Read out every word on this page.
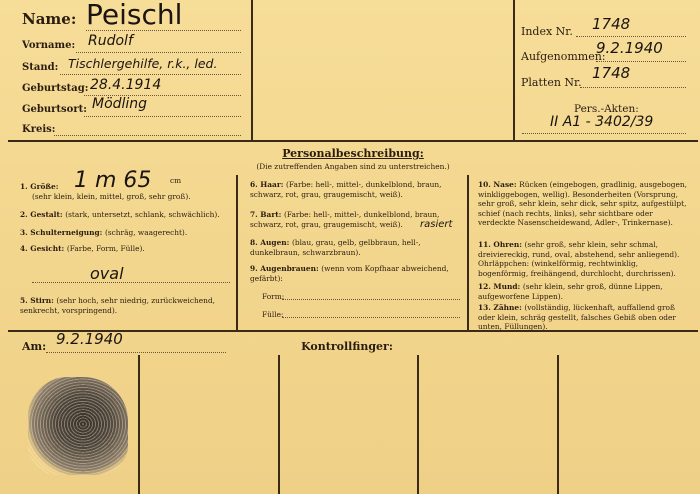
Name: Peischl
Vorname: Rudolf
Stand: Tischlergehilfe, r.k., led.
Geburtstag: 28.4.1914
Geburtsort: Mödling
Kreis:
Index Nr. 1748
Aufgenommen:
9.2.1940
Platten Nr.
1748
Pers.-Akten:
II A1 - 3402/39
Personalbeschreibung:
(Die zutreffenden Angaben sind zu unterstreichen.)
1. Größe: 1 m 65	cm
(sehr klein, klein, mittel, groß, sehr groß).
2. Gestalt: (stark, untersetzt, schlank, schwächlich).
3. Schulterneigung: (schräg, waagerecht).
4. Gesicht: (Farbe, Form, Fülle).
oval
5. Stirn: (sehr hoch, sehr niedrig, zurückweichend, senkrecht, vorspringend).
6. Haar: (Farbe: hell-, mittel-, dunkelblond, braun, schwarz, rot, grau, graugemischt, weiß).
7. Bart: (Farbe: hell-, mittel-, dunkelblond, braun, schwarz, rot, grau, graugemischt, weiß).	rasiert
8. Augen: (blau, grau, gelb, gelbbraun, hell-, dunkelbraun, schwarzbraun).
9. Augenbrauen: (wenn vom Kopfhaar abweichend, gefärbt):
Form:
Fülle:
10. Nase: Rücken (eingebogen, gradlinig, ausgebogen, winkliggebogen, wellig). Besonderheiten (Vorsprung, sehr groß, sehr klein, sehr dick, sehr spitz, aufgestülpt, schief (nach rechts, links), sehr sichtbare oder verdeckte Nasenscheidewand, Adler-, Trinkernase).
11. Ohren: (sehr groß, sehr klein, sehr schmal, dreiviereckig, rund, oval, abstehend, sehr anliegend). Ohrläppchen: (winkelförmig, rechtwinklig, bogenförmig, freihängend, durchlocht, durchrissen).
12. Mund: (sehr klein, sehr groß, dünne Lippen, aufgeworfene Lippen).
13. Zähne: (vollständig, lückenhaft, auffallend groß oder klein, schräg gestellt, falsches Gebiß oben oder unten, Füllungen).
Am: 9.2.1940	Kontrollfinger:
